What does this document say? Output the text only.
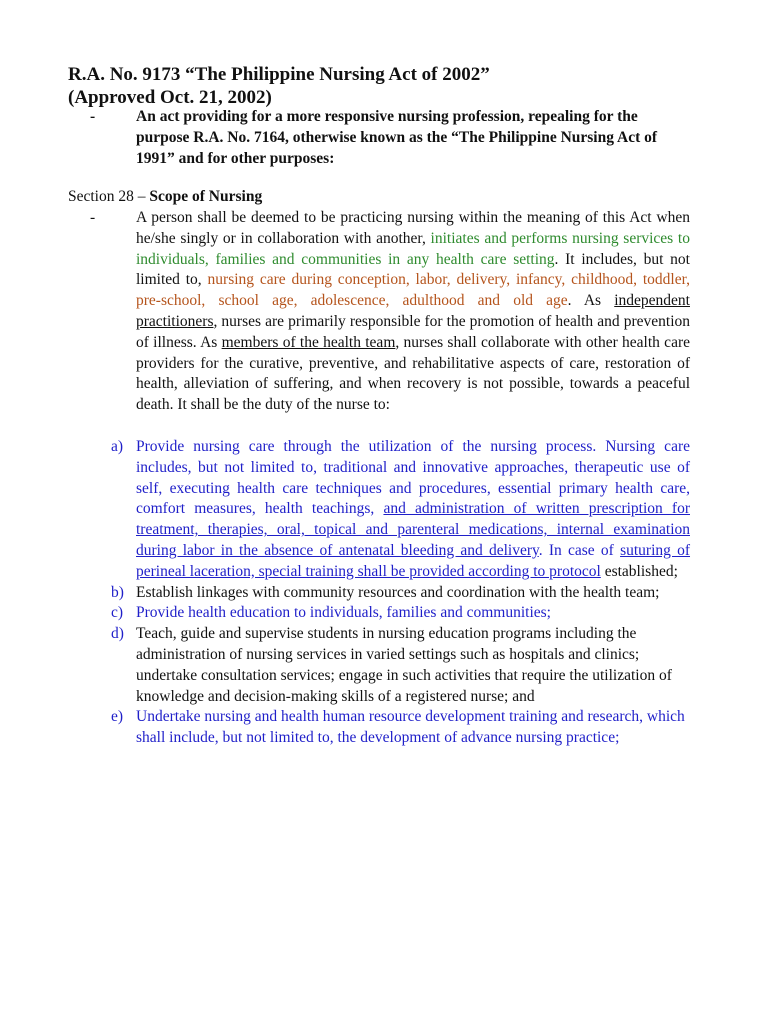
R.A. No. 9173 “The Philippine Nursing Act of 2002”
(Approved Oct. 21, 2002)
-	An act providing for a more responsive nursing profession, repealing for the purpose R.A. No. 7164, otherwise known as the “The Philippine Nursing Act of 1991” and for other purposes:
Section 28 – Scope of Nursing
-	A person shall be deemed to be practicing nursing within the meaning of this Act when he/she singly or in collaboration with another, initiates and performs nursing services to individuals, families and communities in any health care setting. It includes, but not limited to, nursing care during conception, labor, delivery, infancy, childhood, toddler, pre-school, school age, adolescence, adulthood and old age. As independent practitioners, nurses are primarily responsible for the promotion of health and prevention of illness. As members of the health team, nurses shall collaborate with other health care providers for the curative, preventive, and rehabilitative aspects of care, restoration of health, alleviation of suffering, and when recovery is not possible, towards a peaceful death. It shall be the duty of the nurse to:
a) Provide nursing care through the utilization of the nursing process. Nursing care includes, but not limited to, traditional and innovative approaches, therapeutic use of self, executing health care techniques and procedures, essential primary health care, comfort measures, health teachings, and administration of written prescription for treatment, therapies, oral, topical and parenteral medications, internal examination during labor in the absence of antenatal bleeding and delivery. In case of suturing of perineal laceration, special training shall be provided according to protocol established;
b) Establish linkages with community resources and coordination with the health team;
c) Provide health education to individuals, families and communities;
d) Teach, guide and supervise students in nursing education programs including the administration of nursing services in varied settings such as hospitals and clinics; undertake consultation services; engage in such activities that require the utilization of knowledge and decision-making skills of a registered nurse; and
e) Undertake nursing and health human resource development training and research, which shall include, but not limited to, the development of advance nursing practice;
